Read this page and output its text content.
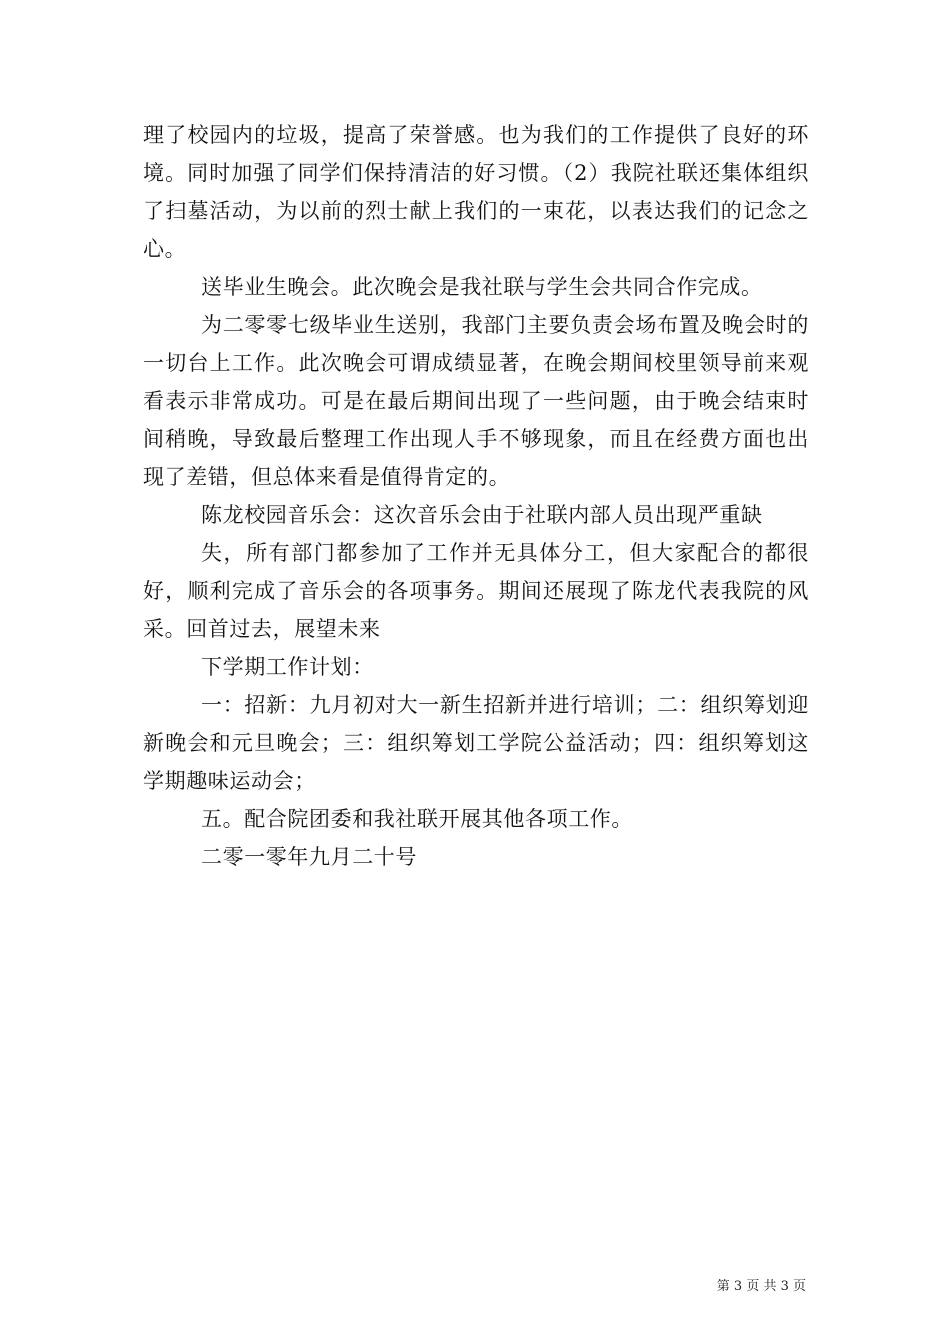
理了校园内的垃圾，提高了荣誉感。也为我们的工作提供了良好的环境。同时加强了同学们保持清洁的好习惯。（2）我院社联还集体组织了扫墓活动，为以前的烈士献上我们的一束花，以表达我们的记念之心。

送毕业生晚会。此次晚会是我社联与学生会共同合作完成。

为二零零七级毕业生送别，我部门主要负责会场布置及晚会时的一切台上工作。此次晚会可谓成绩显著，在晚会期间校里领导前来观看表示非常成功。可是在最后期间出现了一些问题，由于晚会结束时间稍晚，导致最后整理工作出现人手不够现象，而且在经费方面也出现了差错，但总体来看是值得肯定的。

陈龙校园音乐会：这次音乐会由于社联内部人员出现严重缺

失，所有部门都参加了工作并无具体分工，但大家配合的都很好，顺利完成了音乐会的各项事务。期间还展现了陈龙代表我院的风采。回首过去，展望未来

下学期工作计划：

一：招新：九月初对大一新生招新并进行培训；二：组织筹划迎新晚会和元旦晚会；三：组织筹划工学院公益活动；四：组织筹划这学期趣味运动会；

五。配合院团委和我社联开展其他各项工作。

二零一零年九月二十号

第 3 页 共 3 页
